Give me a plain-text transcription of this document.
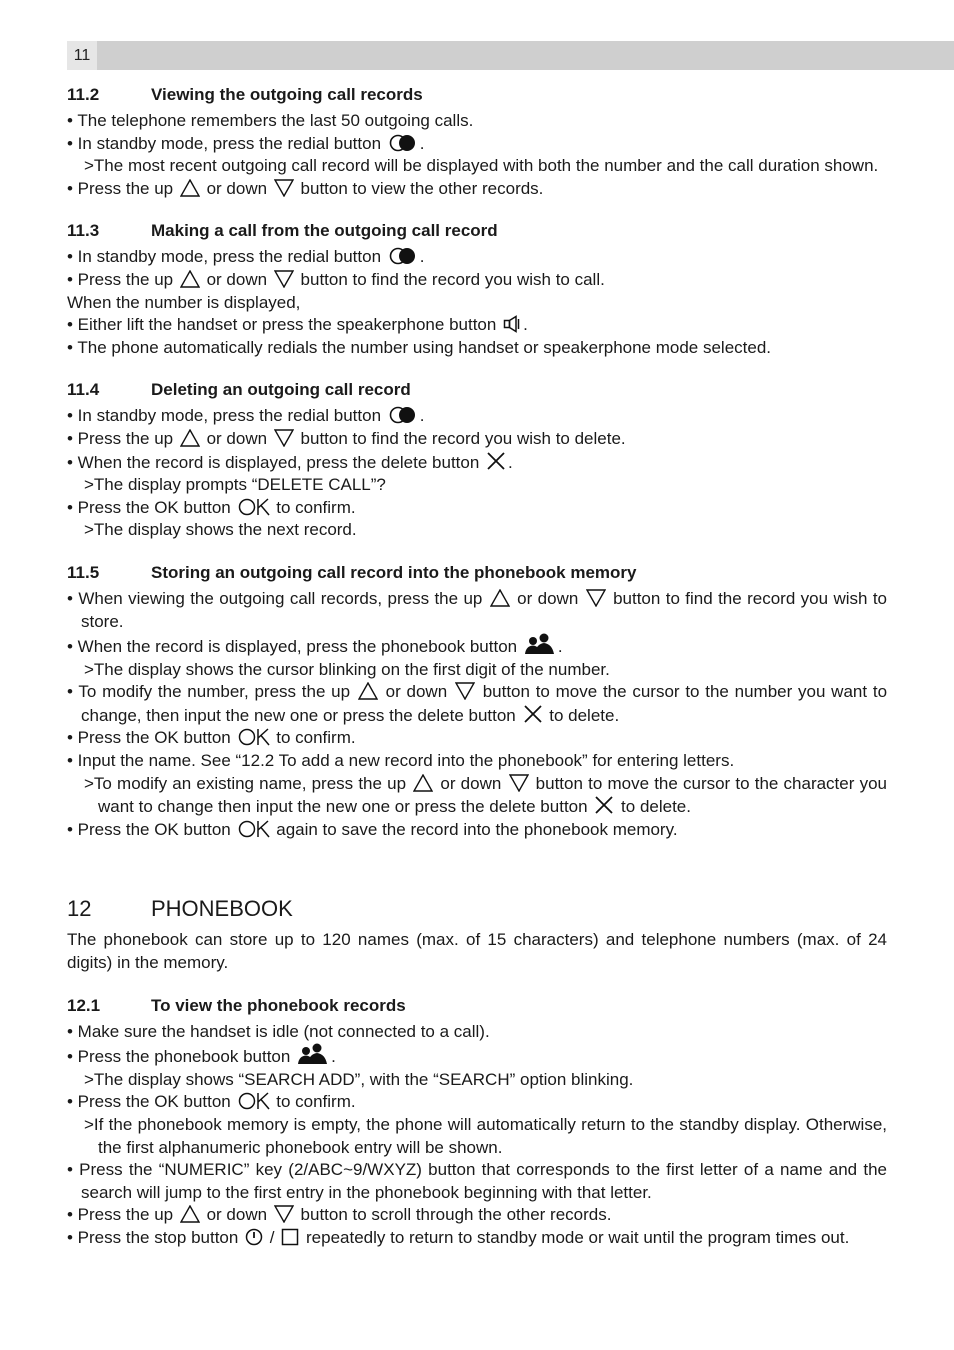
11
11.2	Viewing the outgoing call records
• The telephone remembers the last 50 outgoing calls.
• In standby mode, press the redial button .
>The most recent outgoing call record will be displayed with both the number and the call duration shown.
• Press the up or down button to view the other records.
11.3	Making a call from the outgoing call record
• In standby mode, press the redial button .
• Press the up or down button to find the record you wish to call.
When the number is displayed,
• Either lift the handset or press the speakerphone button .
• The phone automatically redials the number using handset or speakerphone mode selected.
11.4	Deleting an outgoing call record
• In standby mode, press the redial button .
• Press the up or down button to find the record you wish to delete.
• When the record is displayed, press the delete button .
>The display prompts “DELETE CALL”?
• Press the OK button	to confirm.
>The display shows the next record.
11.5	Storing an outgoing call record into the phonebook memory
• When viewing the outgoing call records, press the up or down button to find the record you wish to store.
• When the record is displayed, press the phonebook button .
>The display shows the cursor blinking on the first digit of the number.
• To modify the number, press the up or down button to move the cursor to the number you want to change, then input the new one or press the delete button to delete.
• Press the OK button	to confirm.
• Input the name. See “12.2 To add a new record into the phonebook” for entering letters.
>To modify an existing name, press the up or down button to move the cursor to the character you want to change then input the new one or press the delete button to delete.
• Press the OK button	again to save the record into the phonebook memory.
12	PHONEBOOK
The phonebook can store up to 120 names (max. of 15 characters) and telephone numbers (max. of 24 digits) in the memory.
12.1	To view the phonebook records
• Make sure the handset is idle (not connected to a call).
• Press the phonebook button .
>The display shows “SEARCH ADD”, with the “SEARCH” option blinking.
• Press the OK button	to confirm.
>If the phonebook memory is empty, the phone will automatically return to the standby display. Otherwise, the first alphanumeric phonebook entry will be shown.
• Press the “NUMERIC” key (2/ABC~9/WXYZ) button that corresponds to the first letter of a name and the search will jump to the first entry in the phonebook beginning with that letter.
• Press the up or down button to scroll through the other records.
• Press the stop button / repeatedly to return to standby mode or wait until the program times out.
